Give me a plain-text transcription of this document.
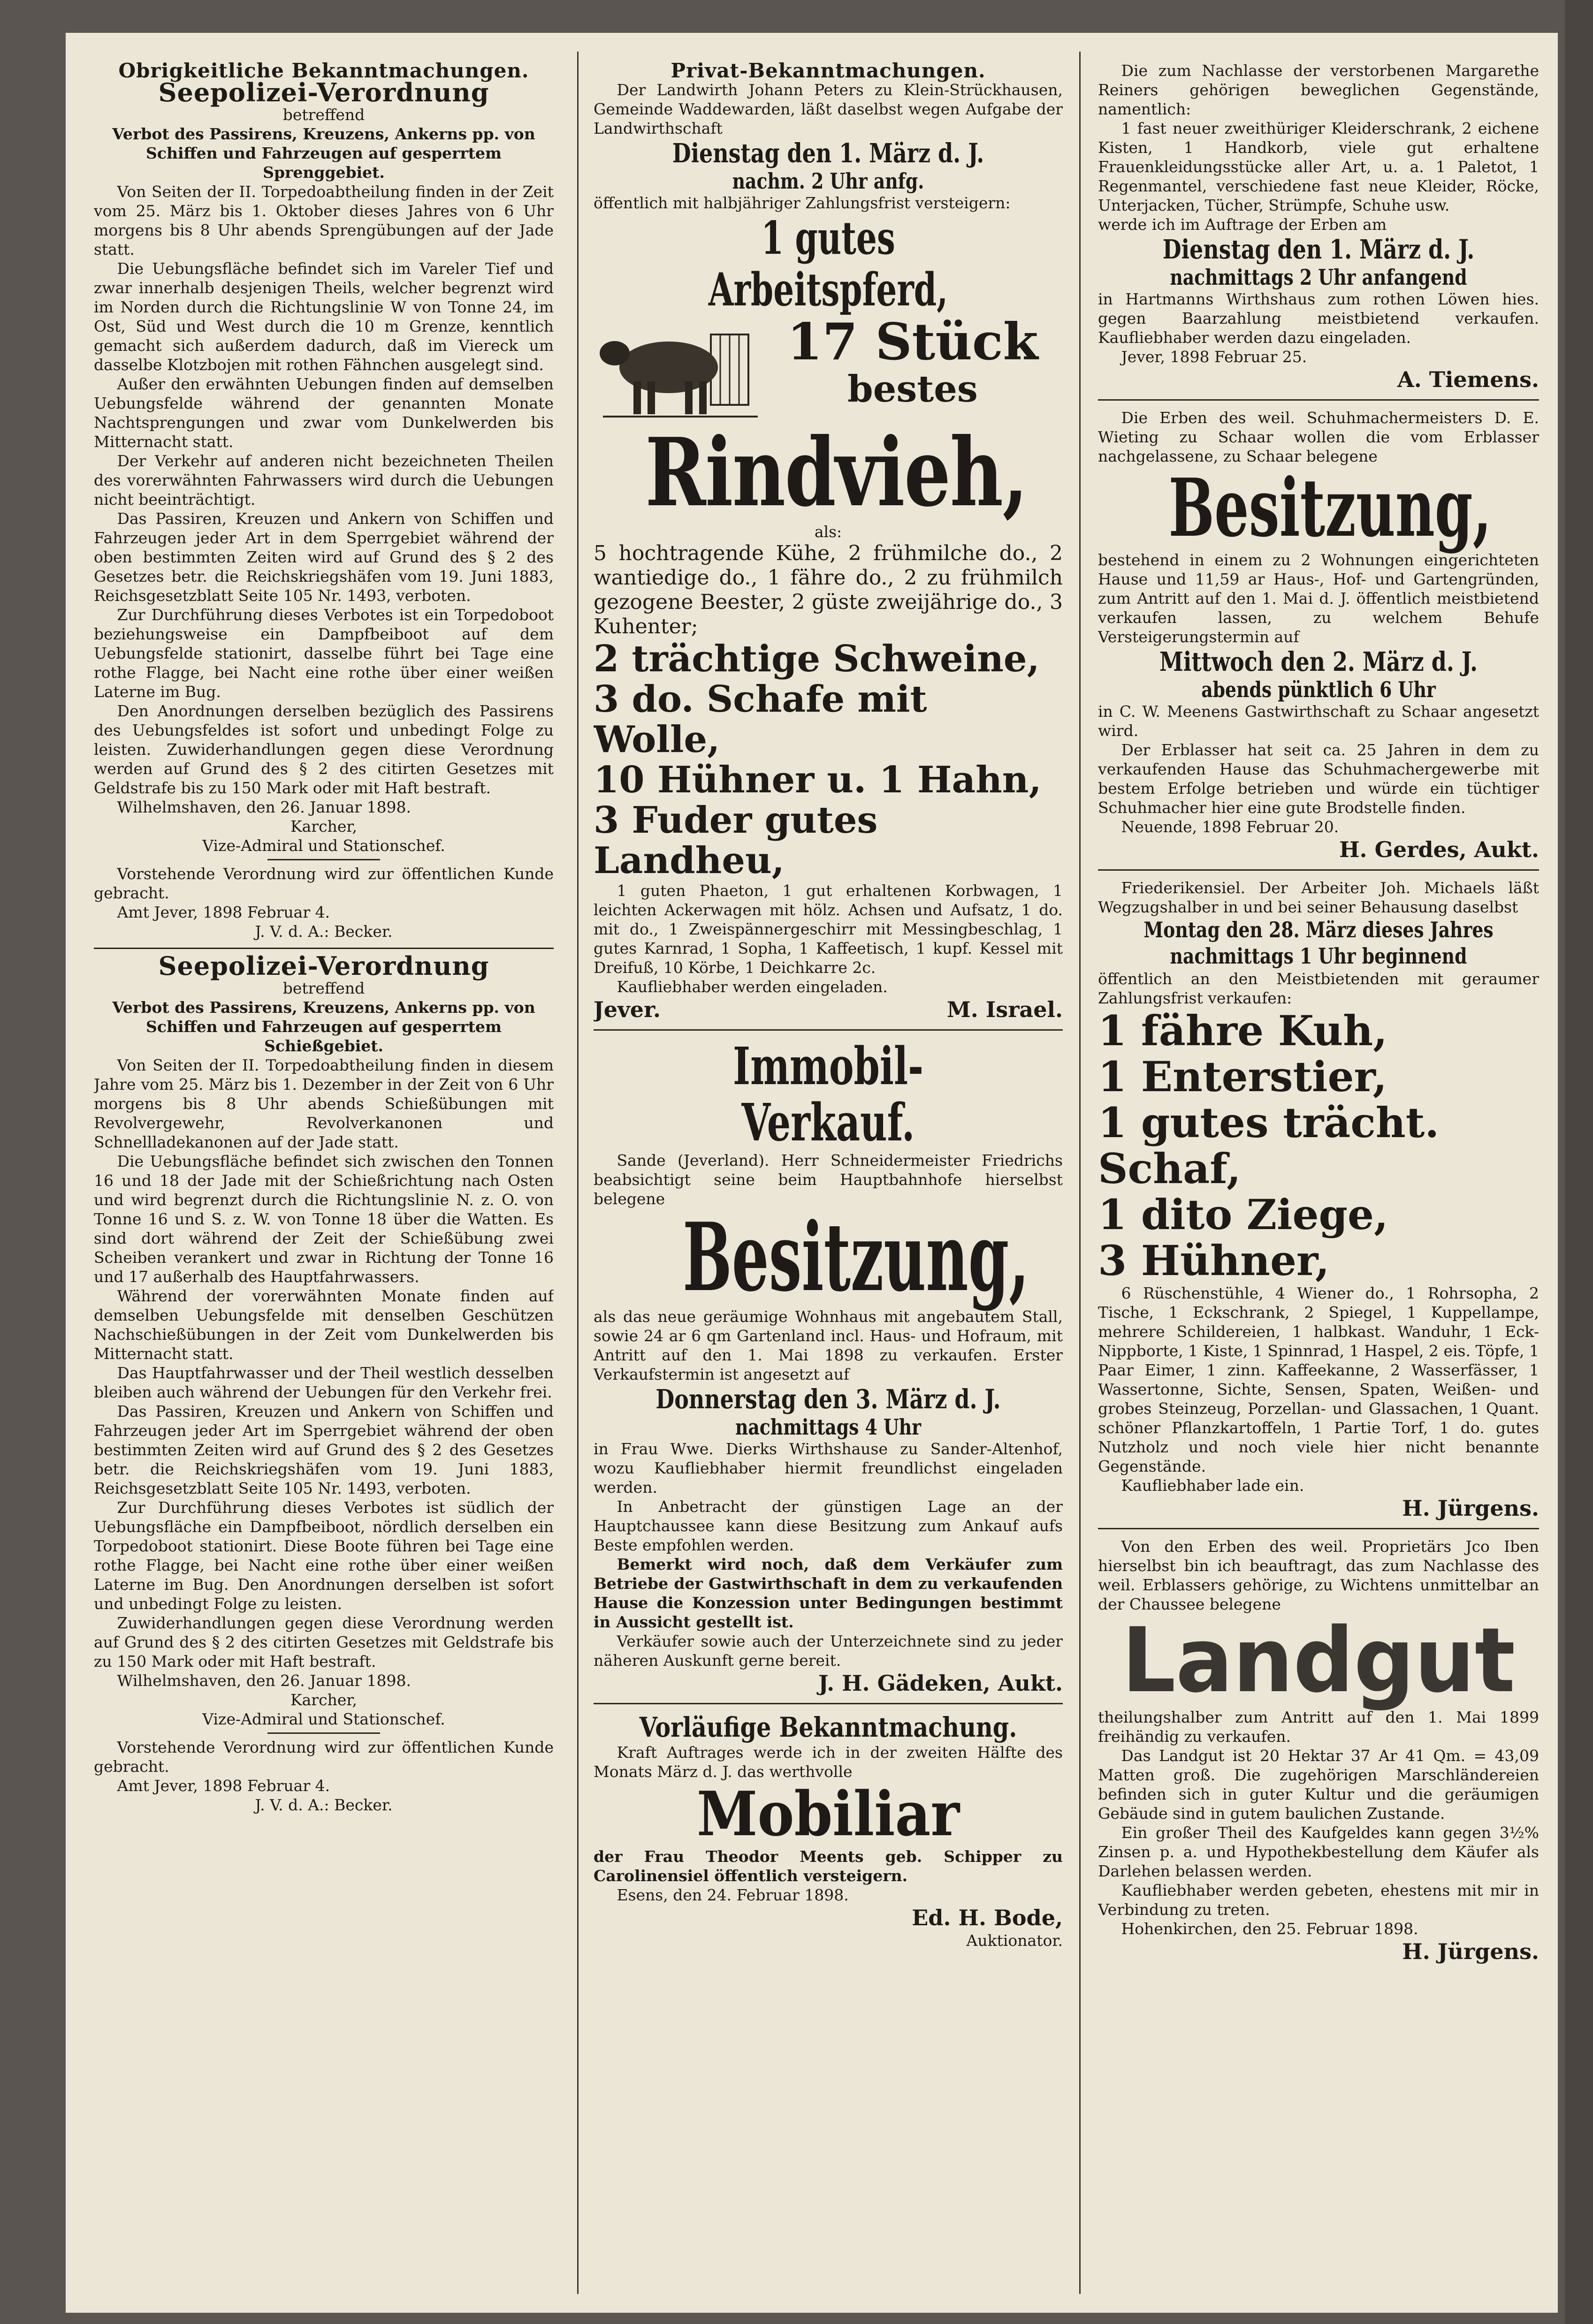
Obrigkeitliche Bekanntmachungen.
Seepolizei-Verordnung

betreffend

Verbot des Passirens, Kreuzens, Ankerns pp. von Schiffen und Fahrzeugen auf gesperrtem Sprenggebiet.

Von Seiten der II. Torpedoabtheilung finden in der Zeit vom 25. März bis 1. Oktober dieses Jahres von 6 Uhr morgens bis 8 Uhr abends Sprengübungen auf der Jade statt.

Die Uebungsfläche befindet sich im Vareler Tief und zwar innerhalb desjenigen Theils, welcher begrenzt wird im Norden durch die Richtungslinie W von Tonne 24, im Ost, Süd und West durch die 10 m Grenze, kenntlich gemacht sich außerdem dadurch, daß im Viereck um dasselbe Klotzbojen mit rothen Fähnchen ausgelegt sind.

Außer den erwähnten Uebungen finden auf demselben Uebungsfelde während der genannten Monate Nachtsprengungen und zwar vom Dunkelwerden bis Mitternacht statt.

Der Verkehr auf anderen nicht bezeichneten Theilen des vorerwähnten Fahrwassers wird durch die Uebungen nicht beeinträchtigt.

Das Passiren, Kreuzen und Ankern von Schiffen und Fahrzeugen jeder Art in dem Sperrgebiet während der oben bestimmten Zeiten wird auf Grund des § 2 des Gesetzes betr. die Reichskriegshäfen vom 19. Juni 1883, Reichsgesetzblatt Seite 105 Nr. 1493, verboten.

Zur Durchführung dieses Verbotes ist ein Torpedoboot beziehungsweise ein Dampfbeiboot auf dem Uebungsfelde stationirt, dasselbe führt bei Tage eine rothe Flagge, bei Nacht eine rothe über einer weißen Laterne im Bug.

Den Anordnungen derselben bezüglich des Passirens des Uebungsfeldes ist sofort und unbedingt Folge zu leisten. Zuwiderhandlungen gegen diese Verordnung werden auf Grund des § 2 des citirten Gesetzes mit Geldstrafe bis zu 150 Mark oder mit Haft bestraft.

Wilhelmshaven, den 26. Januar 1898.

Karcher,

Vize-Admiral und Stationschef.

Vorstehende Verordnung wird zur öffentlichen Kunde gebracht.

Amt Jever, 1898 Februar 4.

J. V. d. A.: Becker.

Seepolizei-Verordnung

betreffend

Verbot des Passirens, Kreuzens, Ankerns pp. von Schiffen und Fahrzeugen auf gesperrtem Schießgebiet.

Von Seiten der II. Torpedoabtheilung finden in diesem Jahre vom 25. März bis 1. Dezember in der Zeit von 6 Uhr morgens bis 8 Uhr abends Schießübungen mit Revolvergewehr, Revolverkanonen und Schnellladekanonen auf der Jade statt.

Die Uebungsfläche befindet sich zwischen den Tonnen 16 und 18 der Jade mit der Schießrichtung nach Osten und wird begrenzt durch die Richtungslinie N. z. O. von Tonne 16 und S. z. W. von Tonne 18 über die Watten. Es sind dort während der Zeit der Schießübung zwei Scheiben verankert und zwar in Richtung der Tonne 16 und 17 außerhalb des Hauptfahrwassers.

Während der vorerwähnten Monate finden auf demselben Uebungsfelde mit denselben Geschützen Nachschießübungen in der Zeit vom Dunkelwerden bis Mitternacht statt.

Das Hauptfahrwasser und der Theil westlich desselben bleiben auch während der Uebungen für den Verkehr frei.

Das Passiren, Kreuzen und Ankern von Schiffen und Fahrzeugen jeder Art im Sperrgebiet während der oben bestimmten Zeiten wird auf Grund des § 2 des Gesetzes betr. die Reichskriegshäfen vom 19. Juni 1883, Reichsgesetzblatt Seite 105 Nr. 1493, verboten.

Zur Durchführung dieses Verbotes ist südlich der Uebungsfläche ein Dampfbeiboot, nördlich derselben ein Torpedoboot stationirt. Diese Boote führen bei Tage eine rothe Flagge, bei Nacht eine rothe über einer weißen Laterne im Bug. Den Anordnungen derselben ist sofort und unbedingt Folge zu leisten.

Zuwiderhandlungen gegen diese Verordnung werden auf Grund des § 2 des citirten Gesetzes mit Geldstrafe bis zu 150 Mark oder mit Haft bestraft.

Wilhelmshaven, den 26. Januar 1898.

Karcher,

Vize-Admiral und Stationschef.

Vorstehende Verordnung wird zur öffentlichen Kunde gebracht.

Amt Jever, 1898 Februar 4.

J. V. d. A.: Becker.

Privat-Bekanntmachungen.

Der Landwirth Johann Peters zu Klein-Strückhausen, Gemeinde Waddewarden, läßt daselbst wegen Aufgabe der Landwirthschaft

Dienstag den 1. März d. J.
nachm. 2 Uhr anfg.

öffentlich mit halbjähriger Zahlungsfrist versteigern:

1 gutes Arbeitspferd,
17 Stück
bestes
Rindvieh,

als:

5 hochtragende Kühe, 2 frühmilche do., 2 wantiedige do., 1 fähre do., 2 zu frühmilch gezogene Beester, 2 güste zweijährige do., 3 Kuhenter;

2 trächtige Schweine,
3 do. Schafe mit Wolle,
10 Hühner u. 1 Hahn,
3 Fuder gutes Landheu,

1 guten Phaeton, 1 gut erhaltenen Korbwagen, 1 leichten Ackerwagen mit hölz. Achsen und Aufsatz, 1 do. mit do., 1 Zweispännergeschirr mit Messingbeschlag, 1 gutes Karnrad, 1 Sopha, 1 Kaffeetisch, 1 kupf. Kessel mit Dreifuß, 10 Körbe, 1 Deichkarre 2c.

Kaufliebhaber werden eingeladen.

Jever.	M. Israel.
Immobil-Verkauf.

Sande (Jeverland). Herr Schneidermeister Friedrichs beabsichtigt seine beim Hauptbahnhofe hierselbst belegene

Besitzung,

als das neue geräumige Wohnhaus mit angebautem Stall, sowie 24 ar 6 qm Gartenland incl. Haus- und Hofraum, mit Antritt auf den 1. Mai 1898 zu verkaufen. Erster Verkaufstermin ist angesetzt auf

Donnerstag den 3. März d. J.
nachmittags 4 Uhr

in Frau Wwe. Dierks Wirthshause zu Sander-Altenhof, wozu Kaufliebhaber hiermit freundlichst eingeladen werden.

In Anbetracht der günstigen Lage an der Hauptchaussee kann diese Besitzung zum Ankauf aufs Beste empfohlen werden.

Bemerkt wird noch, daß dem Verkäufer zum Betriebe der Gastwirthschaft in dem zu verkaufenden Hause die Konzession unter Bedingungen bestimmt in Aussicht gestellt ist.

Verkäufer sowie auch der Unterzeichnete sind zu jeder näheren Auskunft gerne bereit.

J. H. Gädeken, Aukt.

Vorläufige Bekanntmachung.

Kraft Auftrages werde ich in der zweiten Hälfte des Monats März d. J. das werthvolle

Mobiliar

der Frau Theodor Meents geb. Schipper zu Carolinensiel öffentlich versteigern.

Esens, den 24. Februar 1898.

Ed. H. Bode,

Auktionator.

Die zum Nachlasse der verstorbenen Margarethe Reiners gehörigen beweglichen Gegenstände, namentlich:

1 fast neuer zweithüriger Kleiderschrank, 2 eichene Kisten, 1 Handkorb, viele gut erhaltene Frauenkleidungsstücke aller Art, u. a. 1 Paletot, 1 Regenmantel, verschiedene fast neue Kleider, Röcke, Unterjacken, Tücher, Strümpfe, Schuhe usw.

werde ich im Auftrage der Erben am

Dienstag den 1. März d. J.
nachmittags 2 Uhr anfangend

in Hartmanns Wirthshaus zum rothen Löwen hies. gegen Baarzahlung meistbietend verkaufen. Kaufliebhaber werden dazu eingeladen.

Jever, 1898 Februar 25.

A. Tiemens.

Die Erben des weil. Schuhmachermeisters D. E. Wieting zu Schaar wollen die vom Erblasser nachgelassene, zu Schaar belegene

Besitzung,

bestehend in einem zu 2 Wohnungen eingerichteten Hause und 11,59 ar Haus-, Hof- und Gartengründen, zum Antritt auf den 1. Mai d. J. öffentlich meistbietend verkaufen lassen, zu welchem Behufe Versteigerungstermin auf

Mittwoch den 2. März d. J.
abends pünktlich 6 Uhr

in C. W. Meenens Gastwirthschaft zu Schaar angesetzt wird.

Der Erblasser hat seit ca. 25 Jahren in dem zu verkaufenden Hause das Schuhmachergewerbe mit bestem Erfolge betrieben und würde ein tüchtiger Schuhmacher hier eine gute Brodstelle finden.

Neuende, 1898 Februar 20.

H. Gerdes, Aukt.

Friederikensiel. Der Arbeiter Joh. Michaels läßt Wegzugshalber in und bei seiner Behausung daselbst

Montag den 28. März dieses Jahres
nachmittags 1 Uhr beginnend

öffentlich an den Meistbietenden mit geraumer Zahlungsfrist verkaufen:

1 fähre Kuh,
1 Enterstier,
1 gutes trächt. Schaf,
1 dito Ziege,
3 Hühner,

6 Rüschenstühle, 4 Wiener do., 1 Rohrsopha, 2 Tische, 1 Eckschrank, 2 Spiegel, 1 Kuppellampe, mehrere Schildereien, 1 halbkast. Wanduhr, 1 Eck-Nippborte, 1 Kiste, 1 Spinnrad, 1 Haspel, 2 eis. Töpfe, 1 Paar Eimer, 1 zinn. Kaffeekanne, 2 Wasserfässer, 1 Wassertonne, Sichte, Sensen, Spaten, Weißen- und grobes Steinzeug, Porzellan- und Glassachen, 1 Quant. schöner Pflanzkartoffeln, 1 Partie Torf, 1 do. gutes Nutzholz und noch viele hier nicht benannte Gegenstände.

Kaufliebhaber lade ein.

H. Jürgens.

Von den Erben des weil. Proprietärs Jco Iben hierselbst bin ich beauftragt, das zum Nachlasse des weil. Erblassers gehörige, zu Wichtens unmittelbar an der Chaussee belegene

Landgut

theilungshalber zum Antritt auf den 1. Mai 1899 freihändig zu verkaufen.

Das Landgut ist 20 Hektar 37 Ar 41 Qm. = 43,09 Matten groß. Die zugehörigen Marschländereien befinden sich in guter Kultur und die geräumigen Gebäude sind in gutem baulichen Zustande.

Ein großer Theil des Kaufgeldes kann gegen 3½% Zinsen p. a. und Hypothekbestellung dem Käufer als Darlehen belassen werden.

Kaufliebhaber werden gebeten, ehestens mit mir in Verbindung zu treten.

Hohenkirchen, den 25. Februar 1898.

H. Jürgens.
